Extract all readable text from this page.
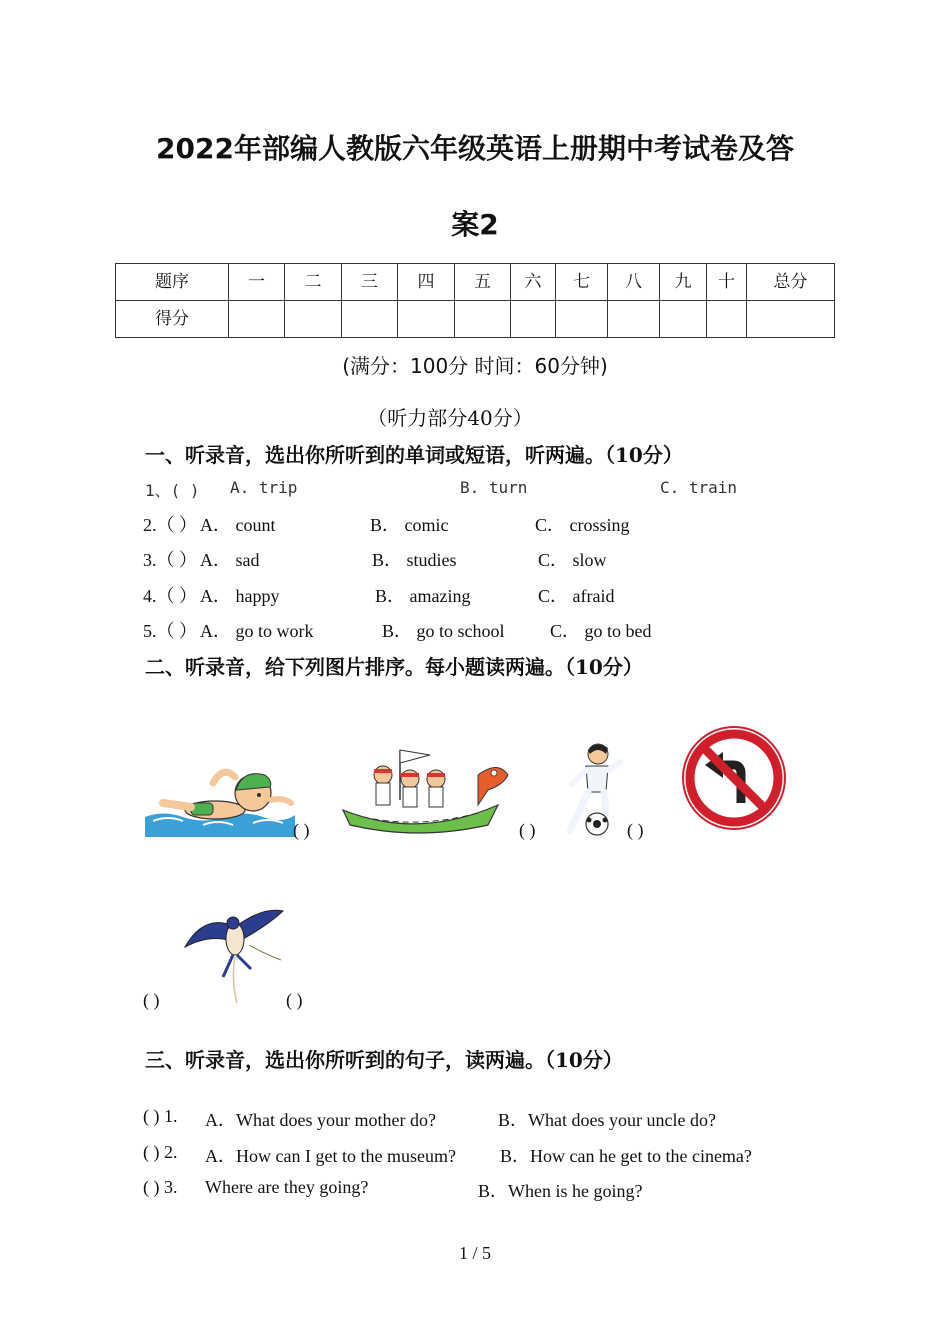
2022年部编人教版六年级英语上册期中考试卷及答
案2
题序	一	二	三	四	五	六	七	八	九	十	总分
得分											
(满分：100分 时间：60分钟)
（听力部分40分）
一、听录音，选出你所听到的单词或短语，听两遍。（10分）
1、( ) A. trip	B. turn	C. train
2.（ ） A． count	B． comic	C． crossing
3.（ ） A． sad	B． studies	C． slow
4.（ ） A． happy	B． amazing	C． afraid
5.（ ） A． go to work	B． go to school	C． go to bed
二、听录音，给下列图片排序。每小题读两遍。（10分）
( )	( )	( )
( )	( )
三、听录音，选出你所听到的句子，读两遍。（10分）
( ) 1. A．What does your mother do?	B．What does your uncle do?
( ) 2. A．How can I get to the museum? B．How can he get to the cinema?
( ) 3. Where are they going?	B．When is he going?
1 / 5
